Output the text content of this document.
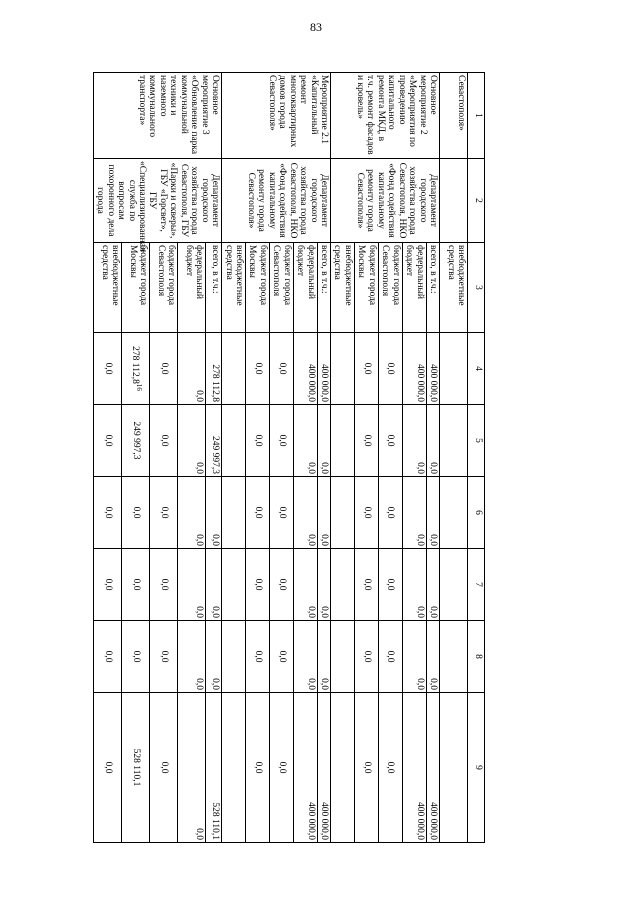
83
1	2	3	4	5	6	7	8	9
Севастополя»		внебюджетные средства						
Основное мероприятие 2 «Мероприятия по проведению капитального ремонта МКД, в т.ч. ремонт фасадов и кровель»	Департамент городского хозяйства города Севастополя, НКО «Фонд содействия капитальному ремонту города Севастополя»	всего, в т.ч.:	400 000,0	0,0	0,0	0,0	0,0	400 000,0
		федеральный бюджет	400 000,0	0,0	0,0	0,0	0,0	400 000,0
		бюджет города Севастополя	0,0	0,0	0,0	0,0	0,0	0,0
		бюджет города Москвы	0,0	0,0	0,0	0,0	0,0	0,0
		внебюджетные средства						
Мероприятие 2.1 «Капитальный ремонт многоквартирных домов города Севастополя»	Департамент городского хозяйства города Севастополя, НКО «Фонд содействия капитальному ремонту города Севастополя»	всего, в т.ч.:	400 000,0	0,0	0,0	0,0	0,0	400 000,0
		федеральный бюджет	400 000,0	0,0	0,0	0,0	0,0	400 000,0
		бюджет города Севастополя	0,0	0,0	0,0	0,0	0,0	0,0
		бюджет города Москвы	0,0	0,0	0,0	0,0	0,0	0,0
		внебюджетные средства						
Основное мероприятие 3 «Обновление парка коммунальной техники и наземного коммунального транспорта»	Департамент городского хозяйства города Севастополя, ГБУ «Парки и скверы», ГБУ «Горсвет», ГБУ «Специализированная служба по вопросам похоронного дела города	всего, в т.ч.:	278 112,8	249 997,3	0,0	0,0	0,0	528 110,1
		федеральный бюджет	0,0	0,0	0,0	0,0	0,0	0,0
		бюджет города Севастополя	0,0	0,0	0,0	0,0	0,0	0,0
		бюджет города Москвы	278 112,8$^{16}$	249 997,3	0,0	0,0	0,0	528 110,1
		внебюджетные средства	0,0	0,0	0,0	0,0	0,0	0,0
